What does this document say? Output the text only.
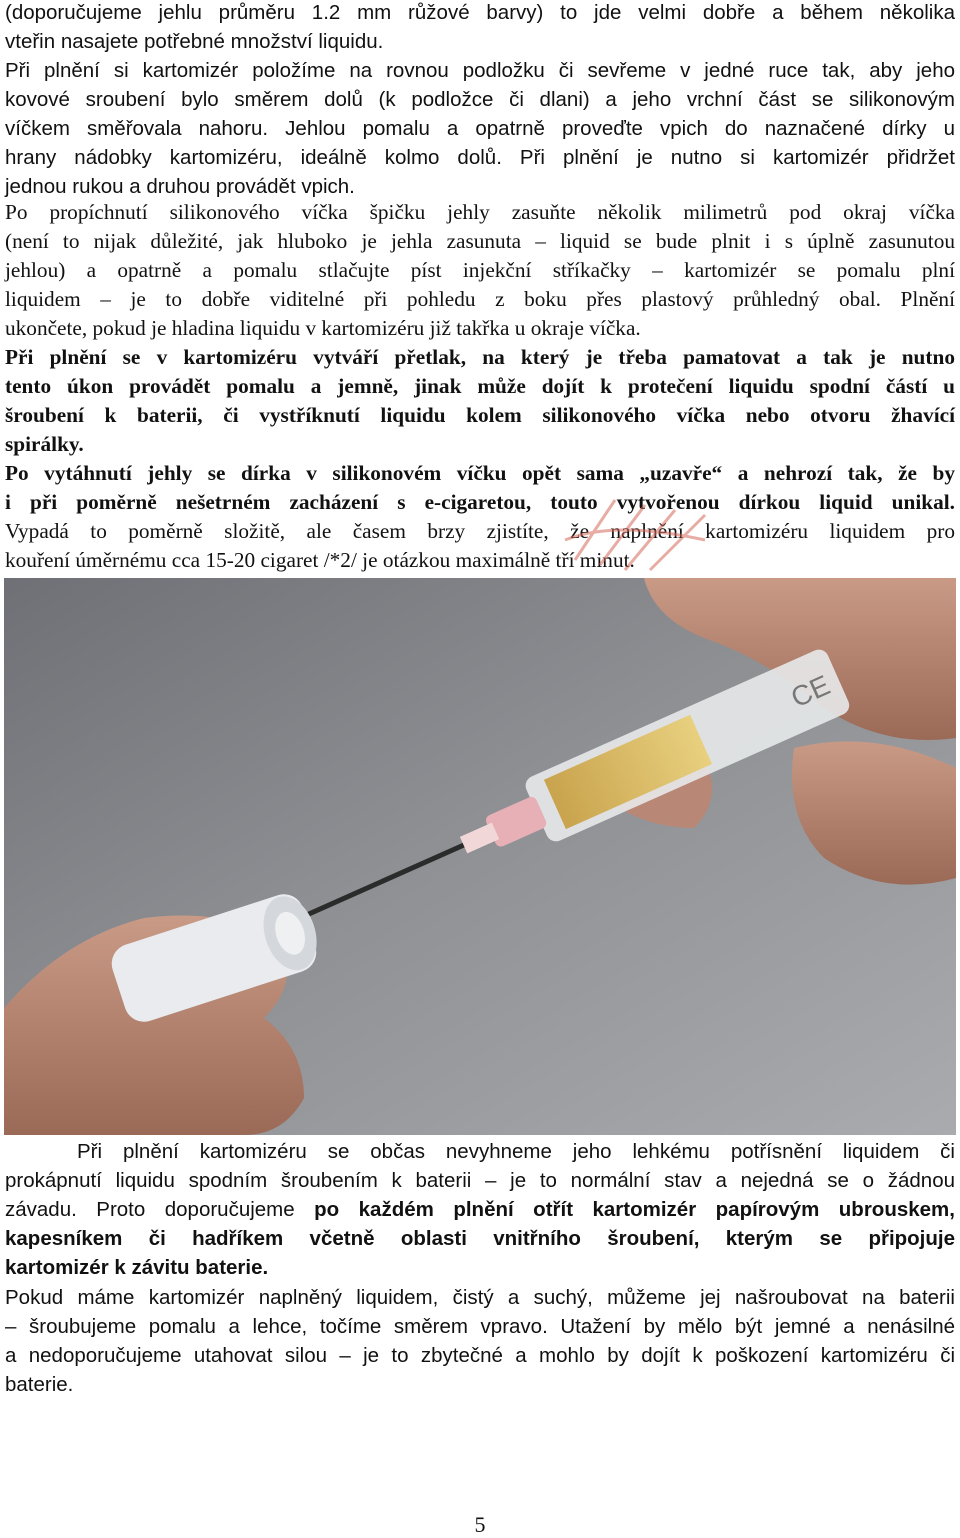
(doporučujeme jehlu průměru 1.2 mm růžové barvy) to jde velmi dobře a během několika
vteřin nasajete potřebné množství liquidu.
Při plnění si kartomizér položíme na rovnou podložku či sevřeme v jedné ruce tak, aby jeho
kovové sroubení bylo směrem dolů (k podložce či dlani) a jeho vrchní část se silikonovým
víčkem směřovala nahoru. Jehlou pomalu a opatrně proveďte vpich do naznačené dírky u
hrany nádobky kartomizéru, ideálně kolmo dolů. Při plnění je nutno si kartomizér přidržet
jednou rukou a druhou provádět vpich.
Po propíchnutí silikonového víčka špičku jehly zasuňte několik milimetrů pod okraj víčka
(není to nijak důležité, jak hluboko je jehla zasunuta – liquid se bude plnit i s úplně zasunutou
jehlou) a opatrně a pomalu stlačujte píst injekční stříkačky – kartomizér se pomalu plní
liquidem – je to dobře viditelné při pohledu z boku přes plastový průhledný obal. Plnění
ukončete, pokud je hladina liquidu v kartomizéru již takřka u okraje víčka.
Při plnění se v kartomizéru vytváří přetlak, na který je třeba pamatovat a tak je nutno
tento úkon provádět pomalu a jemně, jinak může dojít k protečení liquidu spodní částí u
šroubení k baterii, či vystříknutí liquidu kolem silikonového víčka nebo otvoru žhavící
spirálky.
Po vytáhnutí jehly se dírka v silikonovém víčku opět sama „uzavře“ a nehrozí tak, že by
i při poměrně nešetrném zacházení s e-cigaretou, touto vytvořenou dírkou liquid unikal.
Vypadá to poměrně složitě, ale časem brzy zjistíte, že naplnění kartomizéru liquidem pro
kouření úměrnému cca 15-20 cigaret /*2/ je otázkou maximálně tří minut.
CE
Při plnění kartomizéru se občas nevyhneme jeho lehkému potřísnění liquidem či
prokápnutí liquidu spodním šroubením k baterii – je to normální stav a nejedná se o žádnou
závadu. Proto doporučujeme po každém plnění otřít kartomizér papírovým ubrouskem,
kapesníkem či hadříkem včetně oblasti vnitřního šroubení, kterým se připojuje
kartomizér k závitu baterie.
Pokud máme kartomizér naplněný liquidem, čistý a suchý, můžeme jej našroubovat na baterii
– šroubujeme pomalu a lehce, točíme směrem vpravo. Utažení by mělo být jemné a nenásilné
a nedoporučujeme utahovat silou – je to zbytečné a mohlo by dojít k poškození kartomizéru či
baterie.
5
